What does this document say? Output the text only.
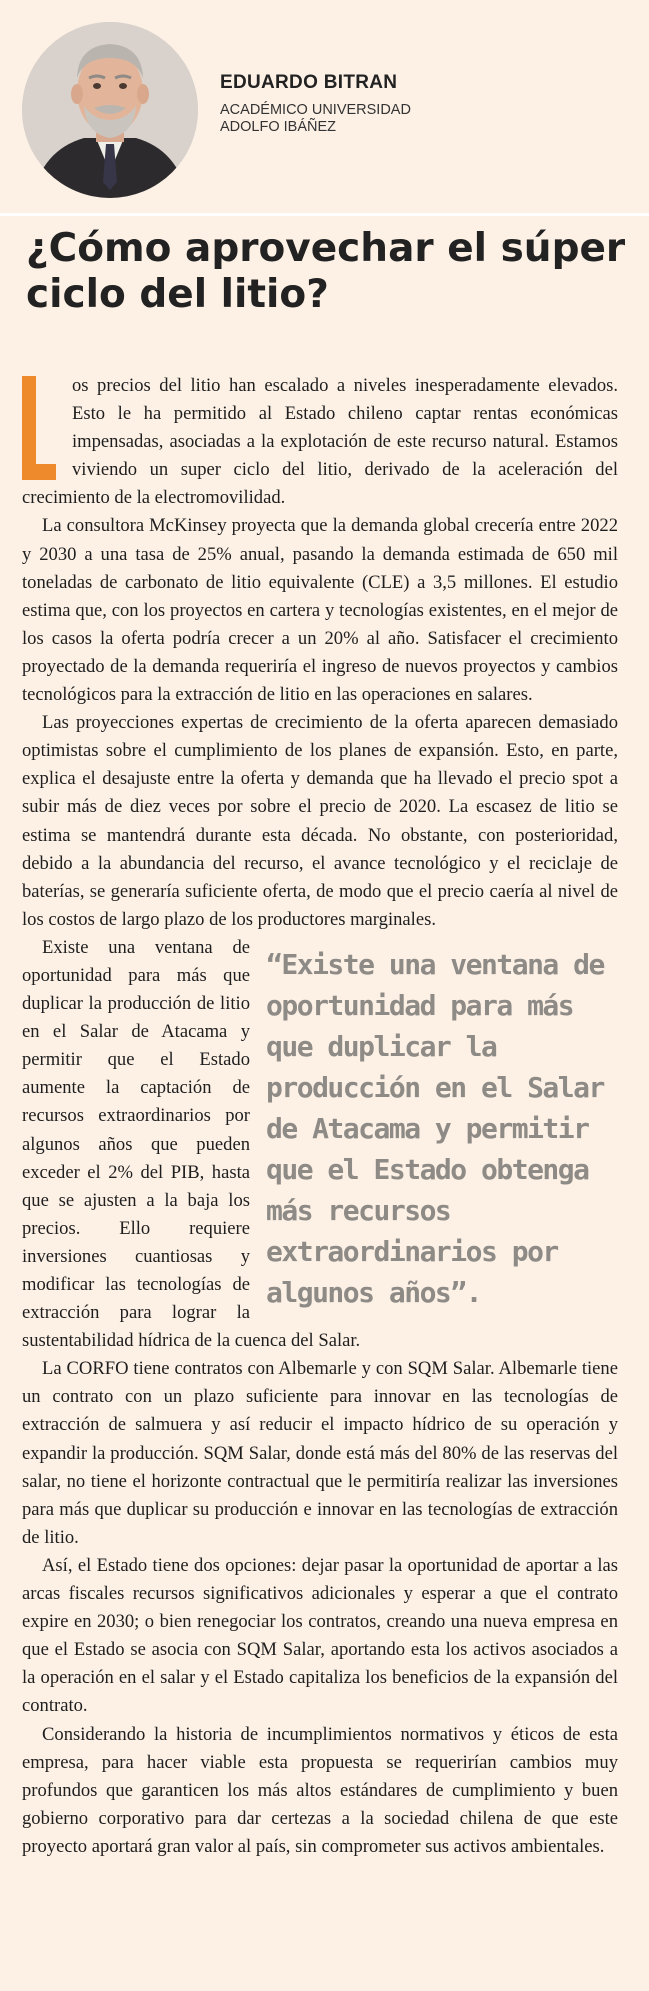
EDUARDO BITRAN
ACADÉMICO UNIVERSIDAD ADOLFO IBÁÑEZ
¿Cómo aprovechar el súper ciclo del litio?

os precios del litio han escalado a niveles inesperadamente elevados. Esto le ha permitido al Estado chileno captar rentas económicas impensadas, asociadas a la explotación de este recurso natural. Estamos viviendo un super ciclo del litio, derivado de la aceleración del crecimiento de la electromovilidad.

La consultora McKinsey proyecta que la demanda global crecería entre 2022 y 2030 a una tasa de 25% anual, pasando la demanda estimada de 650 mil toneladas de carbonato de litio equivalente (CLE) a 3,5 millones. El estudio estima que, con los proyectos en cartera y tecnologías existentes, en el mejor de los casos la oferta podría crecer a un 20% al año. Satisfacer el crecimiento proyectado de la demanda requeriría el ingreso de nuevos proyectos y cambios tecnológicos para la extracción de litio en las operaciones en salares.

Las proyecciones expertas de crecimiento de la oferta aparecen demasiado optimistas sobre el cumplimiento de los planes de expansión. Esto, en parte, explica el desajuste entre la oferta y demanda que ha llevado el precio spot a subir más de diez veces por sobre el precio de 2020. La escasez de litio se estima se mantendrá durante esta década. No obstante, con posterioridad, debido a la abundancia del recurso, el avance tecnológico y el reciclaje de baterías, se generaría suficiente oferta, de modo que el precio caería al nivel de los costos de largo plazo de los productores marginales.

“Existe una ventana de oportunidad para más que duplicar la producción en el Salar de Atacama y permitir que el Estado obtenga más recursos extraordinarios por algunos años”.

Existe una ventana de oportunidad para más que duplicar la producción de litio en el Salar de Atacama y permitir que el Estado aumente la captación de recursos extraordinarios por algunos años que pueden exceder el 2% del PIB, hasta que se ajusten a la baja los precios. Ello requiere inversiones cuantiosas y modificar las tecnologías de extracción para lograr la sustentabilidad hídrica de la cuenca del Salar.

La CORFO tiene contratos con Albemarle y con SQM Salar. Albemarle tiene un contrato con un plazo suficiente para innovar en las tecnologías de extracción de salmuera y así reducir el impacto hídrico de su operación y expandir la producción. SQM Salar, donde está más del 80% de las reservas del salar, no tiene el horizonte contractual que le permitiría realizar las inversiones para más que duplicar su producción e innovar en las tecnologías de extracción de litio.

Así, el Estado tiene dos opciones: dejar pasar la oportunidad de aportar a las arcas fiscales recursos significativos adicionales y esperar a que el contrato expire en 2030; o bien renegociar los contratos, creando una nueva empresa en que el Estado se asocia con SQM Salar, aportando esta los activos asociados a la operación en el salar y el Estado capitaliza los beneficios de la expansión del contrato.

Considerando la historia de incumplimientos normativos y éticos de esta empresa, para hacer viable esta propuesta se requerirían cambios muy profundos que garanticen los más altos estándares de cumplimiento y buen gobierno corporativo para dar certezas a la sociedad chilena de que este proyecto aportará gran valor al país, sin comprometer sus activos ambientales.
